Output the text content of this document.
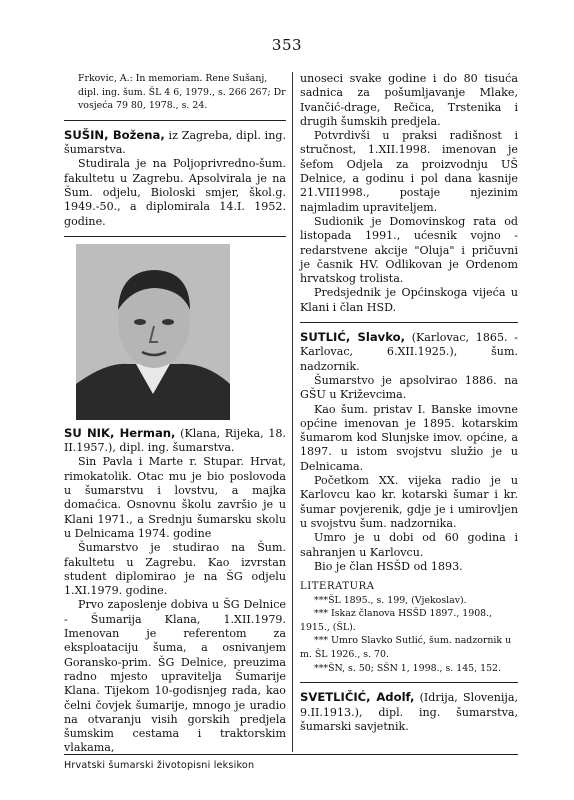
353

Frkovic, A.: In memoriam. Rene Sušanj, dipl. ing. šum. ŠL 4 6, 1979., s. 266 267; Dr vosjeća 79 80, 1978., s. 24.

SUŠIN, Božena, iz Zagreba, dipl. ing. šumarstva.

Studirala je na Poljoprivredno-šum. fakultetu u Zagrebu. Apsolvirala je na Šum. odjelu, Bioloski smjer, škol.g. 1949.-50., a diplomirala 14.I. 1952. godine.

SU NIK, Herman, (Klana, Rijeka, 18. II.1957.), dipl. ing. šumarstva.

Sin Pavla i Marte r. Stupar. Hrvat, rimokatolik. Otac mu je bio poslovoda u šumarstvu i lovstvu, a majka domaćica. Osnovnu školu završio je u Klani 1971., a Srednju šumarsku skolu u Delnicama 1974. godine

Šumarstvo je studirao na Šum. fakultetu u Zagrebu. Kao izvrstan student diplomirao je na ŠG odjelu 1.XI.1979. godine.

Prvo zaposlenje dobiva u ŠG Delnice - Šumarija Klana, 1.XII.1979. Imenovan je referentom za eksploataciju šuma, a osnivanjem Goransko-prim. ŠG Delnice, preuzima radno mjesto upravitelja Šumarije Klana. Tijekom 10-godisnjeg rada, kao čelni čovjek šumarije, mnogo je uradio na otvaranju visih gorskih predjela šumskim cestama i traktorskim vlakama,

unoseci svake godine i do 80 tisuća sadnica za pošumljavanje Mlake, Ivančić-drage, Rečica, Trstenika i drugih šumskih predjela.

Potvrdivši u praksi radišnost i stručnost, 1.XII.1998. imenovan je šefom Odjela za proizvodnju UŠ Delnice, a godinu i pol dana kasnije 21.VII1998., postaje njezinim najmladim upraviteljem.

Sudionik je Domovinskog rata od listopada 1991., ućesnik vojno - redarstvene akcije "Oluja" i pričuvni je časnik HV. Odlikovan je Ordenom hrvatskog trolista.

Predsjednik je Općinskoga vijeća u Klani i član HSD.

SUTLIĆ, Slavko, (Karlovac, 1865. - Karlovac, 6.XII.1925.), šum. nadzornik.

Šumarstvo je apsolvirao 1886. na GŠU u Križevcima.

Kao šum. pristav I. Banske imovne općine imenovan je 1895. kotarskim šumarom kod Slunjske imov. općine, a 1897. u istom svojstvu služio je u Delnicama.

Početkom XX. vijeka radio je u Karlovcu kao kr. kotarski šumar i kr. šumar povjerenik, gdje je i umirovljen u svojstvu šum. nadzornika.

Umro je u dobi od 60 godina i sahranjen u Karlovcu.

Bio je član HSŠD od 1893.

LITERATURA

***ŠL 1895., s. 199, (Vjekoslav).

*** Iskaz članova HSŠD 1897., 1908., 1915., (ŠL).

*** Umro Slavko Sutlić, šum. nadzornik u m. ŠL 1926., s. 70.

***ŠN, s. 50; SŠN 1, 1998., s. 145, 152.

SVETLIČIĆ, Adolf, (Idrija, Slovenija, 9.II.1913.), dipl. ing. šumarstva, šumarski savjetnik.

Hrvatski šumarski životopisni leksikon
